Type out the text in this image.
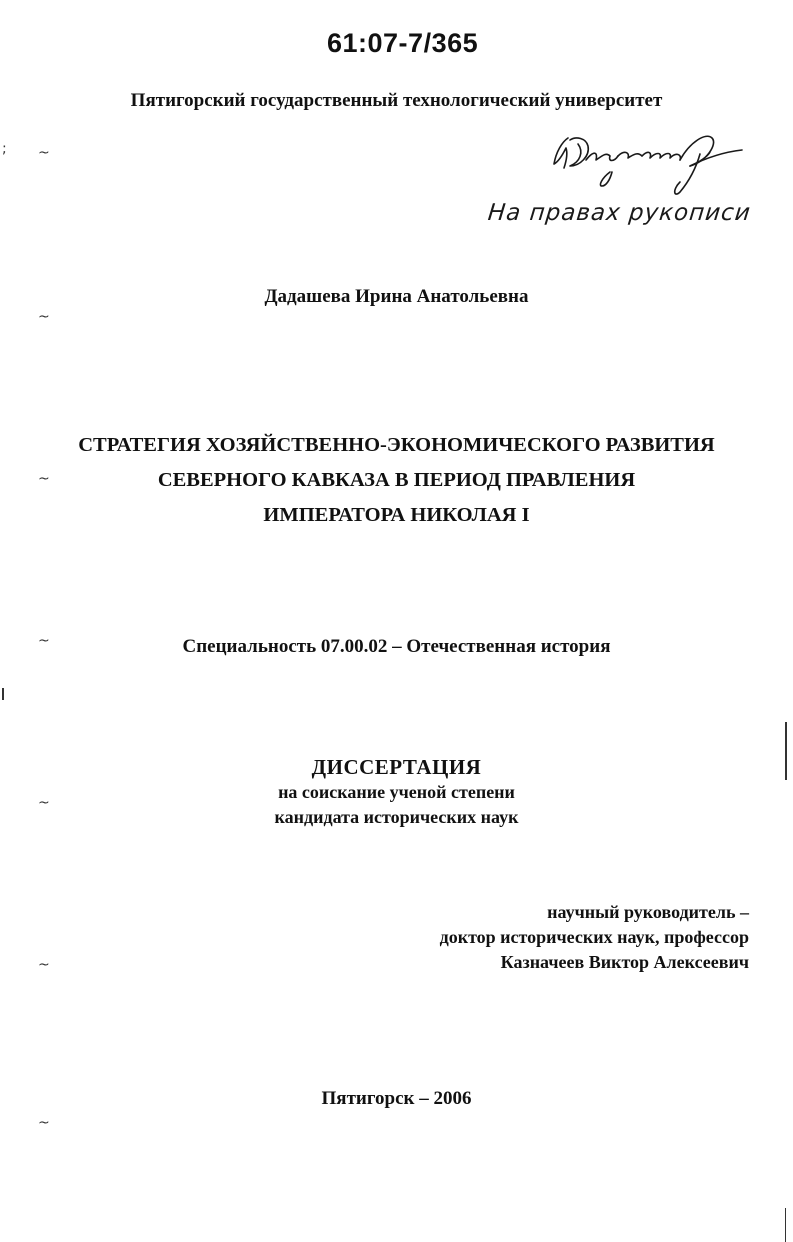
61:07-7/365
Пятигорский государственный технологический университет
На правах рукописи
Дадашева Ирина Анатольевна
СТРАТЕГИЯ ХОЗЯЙСТВЕННО-ЭКОНОМИЧЕСКОГО РАЗВИТИЯ
СЕВЕРНОГО КАВКАЗА В ПЕРИОД ПРАВЛЕНИЯ
ИМПЕРАТОРА НИКОЛАЯ I
Специальность 07.00.02 – Отечественная история
ДИССЕРТАЦИЯ
на соискание ученой степени
кандидата исторических наук
научный руководитель –
доктор исторических наук, профессор
Казначеев Виктор Алексеевич
Пятигорск – 2006
; ~
~
~
~
~
~
~
